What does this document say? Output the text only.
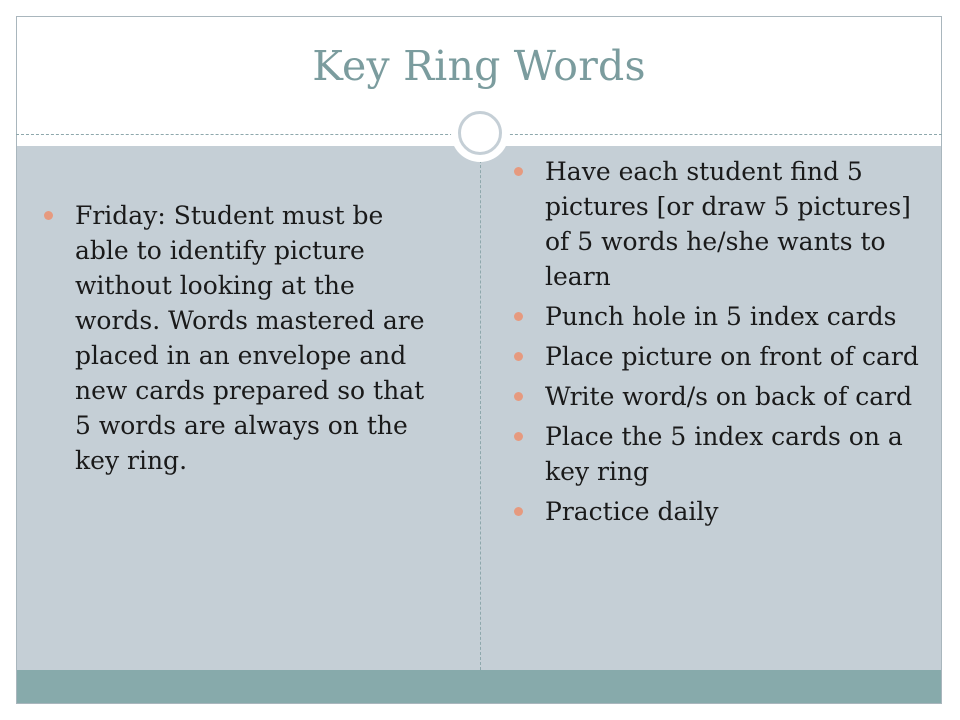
Key Ring Words
Friday: Student must be able to identify picture without looking at the words. Words mastered are placed in an envelope and new cards prepared so that 5 words are always on the key ring.
Have each student find 5 pictures [or draw 5 pictures] of 5 words he/she wants to learn
Punch hole in 5 index cards
Place picture on front of card
Write word/s on back of card
Place the 5 index cards on a key ring
Practice daily
